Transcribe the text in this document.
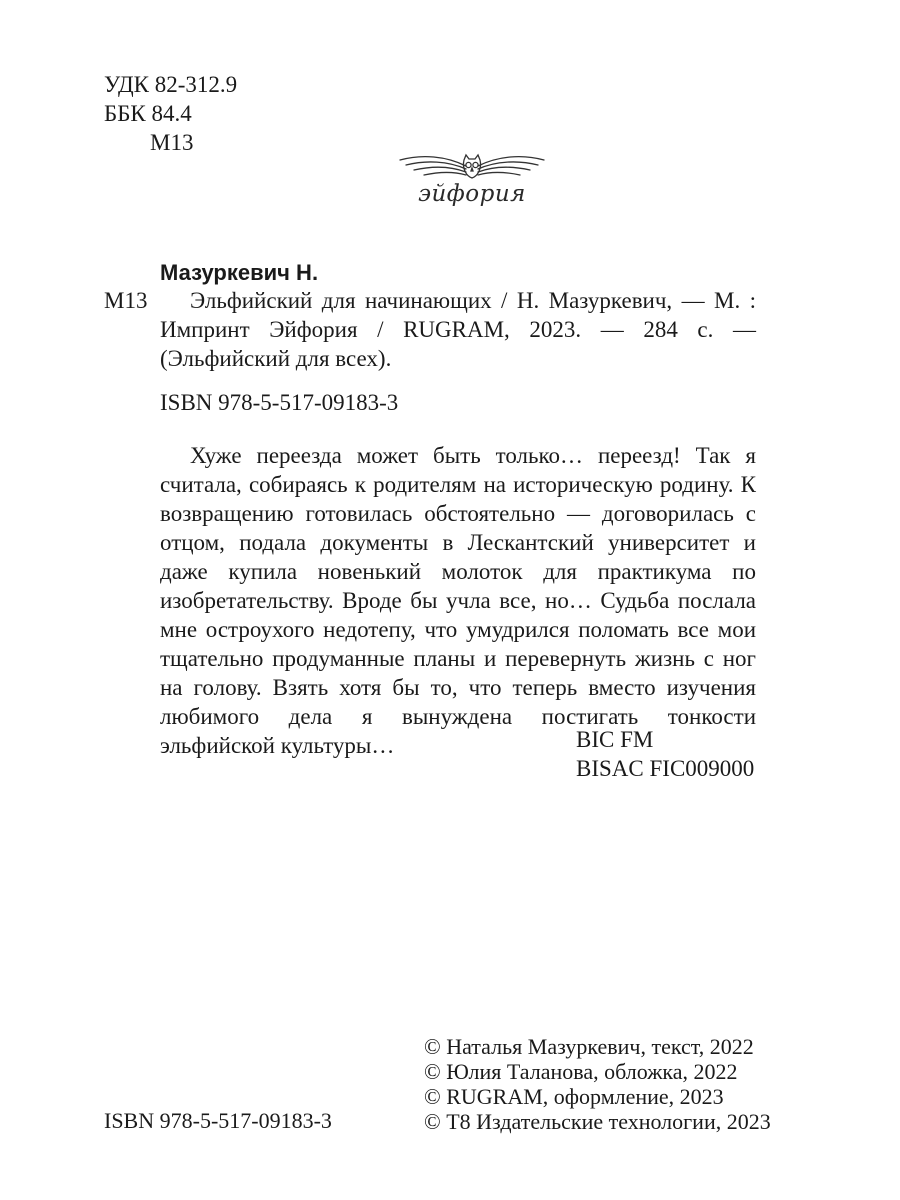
УДК 82-312.9
ББК 84.4
М13
эйфория
Мазуркевич Н.
М13	Эльфийский для начинающих / Н. Мазуркевич, — М. : Импринт Эйфория / RUGRAM, 2023. — 284 с. — (Эльфийский для всех).
ISBN 978-5-517-09183-3
Хуже переезда может быть только… переезд! Так я считала, собираясь к родителям на историческую родину. К возвращению готовилась обстоятельно — договорилась с отцом, подала документы в Лескантский университет и даже купила новенький молоток для практикума по изобретательству. Вроде бы учла все, но… Судьба послала мне остроухого недотепу, что умудрился поломать все мои тщательно продуманные планы и перевернуть жизнь с ног на голову. Взять хотя бы то, что теперь вместо изучения любимого дела я вынуждена постигать тонкости эльфийской культуры…	BIC FM
BISAC FIC009000
ISBN 978-5-517-09183-3
© Наталья Мазуркевич, текст, 2022
© Юлия Таланова, обложка, 2022
© RUGRAM, оформление, 2023
© Т8 Издательские технологии, 2023
